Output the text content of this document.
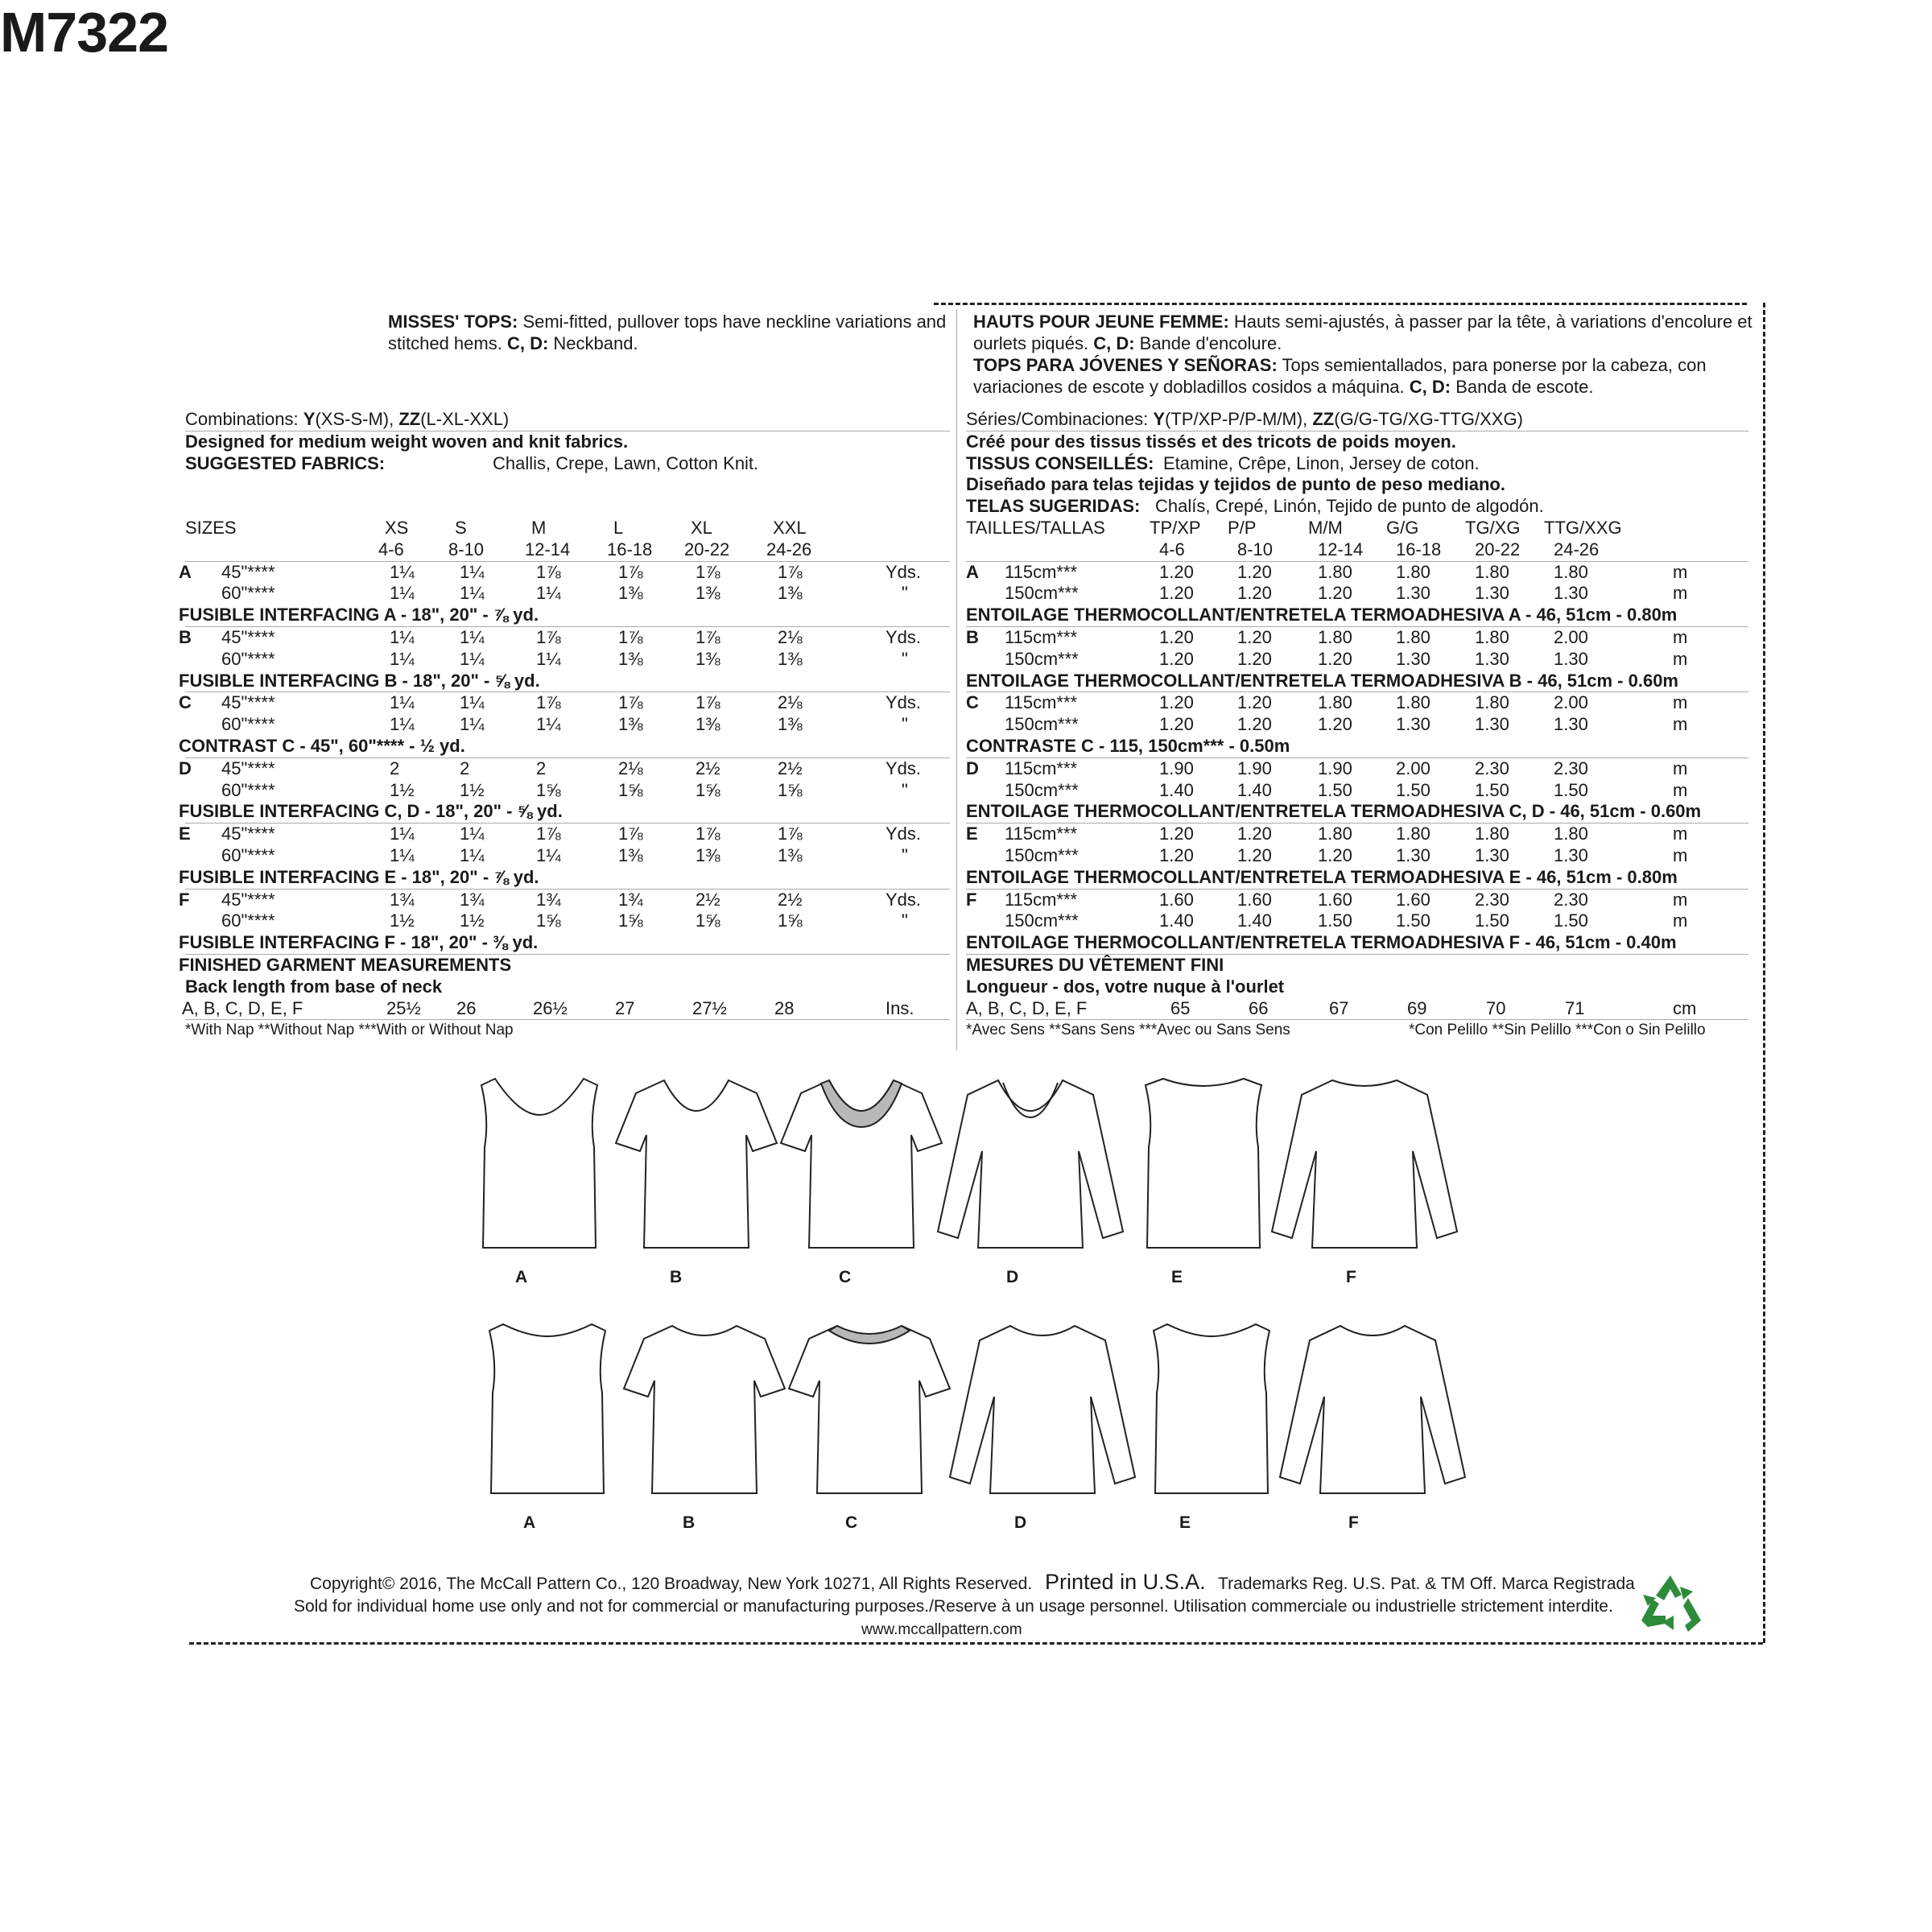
M7322
MISSES' TOPS: Semi-fitted, pullover tops have neckline variations and stitched hems. C, D: Neckband.
HAUTS POUR JEUNE FEMME: Hauts semi-ajustés, à passer par la tête, à variations d'encolure et ourlets piqués. C, D: Bande d'encolure.
TOPS PARA JÓVENES Y SEÑORAS: Tops semientallados, para ponerse por la cabeza, con variaciones de escote y dobladillos cosidos a máquina. C, D: Banda de escote.
Combinations: Y(XS-S-M), ZZ(L-XL-XXL)
Designed for medium weight woven and knit fabrics.
SUGGESTED FABRICS:	Challis, Crepe, Lawn, Cotton Knit.
SIZES	XS	S	M	L	XL	XXL
4-6	8-10 12-14 16-18 20-22 24-26
A 45"****	1¼	1¼	1⅞	1⅞	1⅞	1⅞	Yds.
60"****	1¼	1¼	1¼	1⅜	1⅜	1⅜	"
FUSIBLE INTERFACING A - 18", 20" - ⅞ yd.
B 45"****	1¼	1¼	1⅞	1⅞	1⅞	2⅛	Yds.
60"****	1¼	1¼	1¼	1⅜	1⅜	1⅜	"
FUSIBLE INTERFACING B - 18", 20" - ⅝ yd.
C 45"****	1¼	1¼	1⅞	1⅞	1⅞	2⅛	Yds.
60"****	1¼	1¼	1¼	1⅜	1⅜	1⅜	"
CONTRAST C - 45", 60"**** - ½ yd.
D 45"****	2	2	2	2⅛	2½	2½	Yds.
60"****	1½	1½	1⅝	1⅝	1⅝	1⅝	"
FUSIBLE INTERFACING C, D - 18", 20" - ⅝ yd.
E 45"****	1¼	1¼	1⅞	1⅞	1⅞	1⅞	Yds.
60"****	1¼	1¼	1¼	1⅜	1⅜	1⅜	"
FUSIBLE INTERFACING E - 18", 20" - ⅞ yd.
F 45"****	1¾	1¾	1¾	1¾	2½	2½	Yds.
60"****	1½	1½	1⅝	1⅝	1⅝	1⅝	"
FUSIBLE INTERFACING F - 18", 20" - ⅜ yd.
FINISHED GARMENT MEASUREMENTS
Back length from base of neck
A, B, C, D, E, F	25½ 26	26½	27	27½	28	Ins.
*With Nap **Without Nap ***With or Without Nap
Séries/Combinaciones: Y(TP/XP-P/P-M/M), ZZ(G/G-TG/XG-TTG/XXG)
Créé pour des tissus tissés et des tricots de poids moyen.
TISSUS CONSEILLÉS: Etamine, Crêpe, Linon, Jersey de coton.
Diseñado para telas tejidas y tejidos de punto de peso mediano.
TELAS SUGERIDAS: Chalís, Crepé, Linón, Tejido de punto de algodón.
TAILLES/TALLAS	TP/XP P/P	M/M G/G	TG/XG TTG/XXG
4-6	8-10	12-14 16-18 20-22 24-26
A 115cm***	1.20 1.20	1.80 1.80	1.80	1.80	m
150cm***	1.20 1.20	1.20 1.30	1.30	1.30	m
ENTOILAGE THERMOCOLLANT/ENTRETELA TERMOADHESIVA A - 46, 51cm - 0.80m
B 115cm***	1.20 1.20	1.80 1.80	1.80	2.00	m
150cm***	1.20 1.20	1.20 1.30	1.30	1.30	m
ENTOILAGE THERMOCOLLANT/ENTRETELA TERMOADHESIVA B - 46, 51cm - 0.60m
C 115cm***	1.20 1.20	1.80 1.80	1.80	2.00	m
150cm***	1.20 1.20	1.20 1.30	1.30	1.30	m
CONTRASTE C - 115, 150cm*** - 0.50m
D 115cm***	1.90 1.90	1.90 2.00	2.30	2.30	m
150cm***	1.40 1.40	1.50 1.50	1.50	1.50	m
ENTOILAGE THERMOCOLLANT/ENTRETELA TERMOADHESIVA C, D - 46, 51cm - 0.60m
E 115cm***	1.20 1.20	1.80 1.80	1.80	1.80	m
150cm***	1.20 1.20	1.20 1.30	1.30	1.30	m
ENTOILAGE THERMOCOLLANT/ENTRETELA TERMOADHESIVA E - 46, 51cm - 0.80m
F 115cm***	1.60 1.60	1.60 1.60	2.30	2.30	m
150cm***	1.40 1.40	1.50 1.50	1.50	1.50	m
ENTOILAGE THERMOCOLLANT/ENTRETELA TERMOADHESIVA F - 46, 51cm - 0.40m
MESURES DU VÊTEMENT FINI
Longueur - dos, votre nuque à l'ourlet
A, B, C, D, E, F	65	66	67	69	70	71	cm
*Avec Sens **Sans Sens ***Avec ou Sans Sens	*Con Pelillo **Sin Pelillo ***Con o Sin Pelillo
A	B	C	D	E	F
A	B	C	D	E	F
Copyright© 2016, The McCall Pattern Co., 120 Broadway, New York 10271, All Rights Reserved. Printed in U.S.A. Trademarks Reg. U.S. Pat. & TM Off. Marca Registrada
Sold for individual home use only and not for commercial or manufacturing purposes./Reserve à un usage personnel. Utilisation commerciale ou industrielle strictement interdite.
www.mccallpattern.com
